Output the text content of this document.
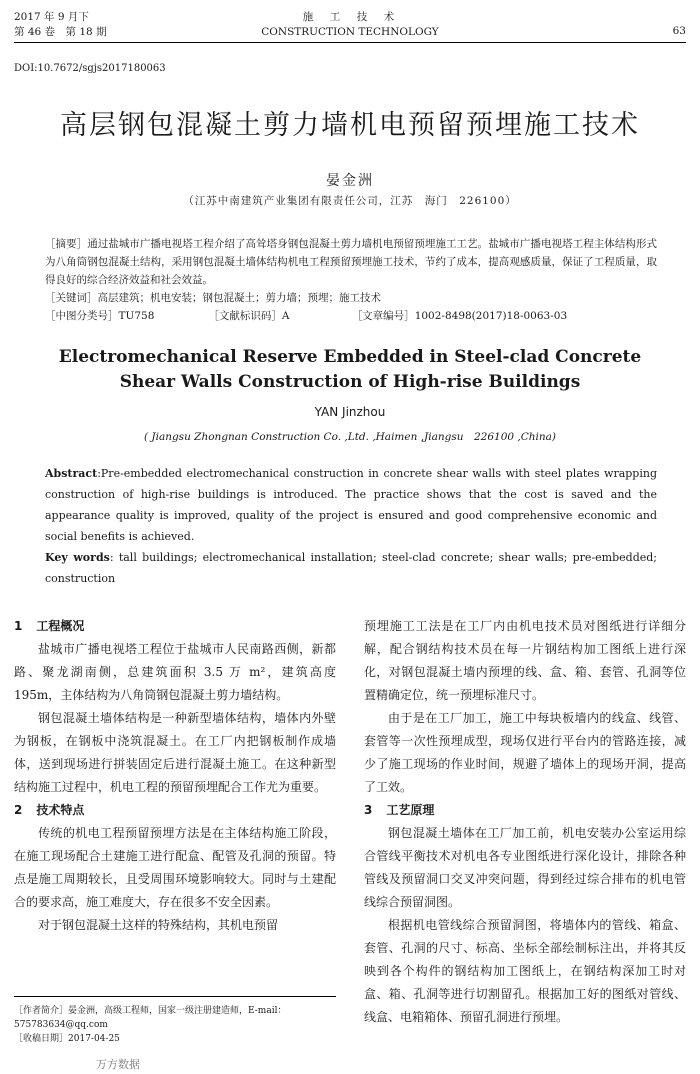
2017 年 9 月下
第 46 卷　第 18 期
施　工　技　术
CONSTRUCTION TECHNOLOGY	63
DOI:10.7672/sgjs2017180063
高层钢包混凝土剪力墙机电预留预埋施工技术
晏金洲
（江苏中南建筑产业集团有限责任公司，江苏　海门　226100）

［摘要］通过盐城市广播电视塔工程介绍了高耸塔身钢包混凝土剪力墙机电预留预埋施工工艺。盐城市广播电视塔工程主体结构形式为八角筒钢包混凝土结构，采用钢包混凝土墙体结构机电工程预留预埋施工技术，节约了成本，提高观感质量，保证了工程质量，取得良好的综合经济效益和社会效益。

［关键词］高层建筑；机电安装；钢包混凝土；剪力墙；预埋；施工技术

［中图分类号］TU758	［文献标识码］A	［文章编号］1002-8498(2017)18-0063-03

Electromechanical Reserve Embedded in Steel-clad Concrete
Shear Walls Construction of High-rise Buildings
YAN Jinzhou
( Jiangsu Zhongnan Construction Co. ,Ltd. ,Haimen ,Jiangsu　226100 ,China)

Abstract:Pre-embedded electromechanical construction in concrete shear walls with steel plates wrapping construction of high-rise buildings is introduced. The practice shows that the cost is saved and the appearance quality is improved, quality of the project is ensured and good comprehensive economic and social benefits is achieved.

Key words: tall buildings; electromechanical installation; steel-clad concrete; shear walls; pre-embedded; construction

1 工程概况

盐城市广播电视塔工程位于盐城市人民南路西侧，新都路、聚龙湖南侧，总建筑面积 3.5 万 m²，建筑高度 195m，主体结构为八角筒钢包混凝土剪力墙结构。

钢包混凝土墙体结构是一种新型墙体结构，墙体内外壁为钢板，在钢板中浇筑混凝土。在工厂内把钢板制作成墙体，送到现场进行拼装固定后进行混凝土施工。在这种新型结构施工过程中，机电工程的预留预埋配合工作尤为重要。

2 技术特点

传统的机电工程预留预埋方法是在主体结构施工阶段，在施工现场配合土建施工进行配盒、配管及孔洞的预留。特点是施工周期较长，且受周围环境影响较大。同时与土建配合的要求高，施工难度大，存在很多不安全因素。

对于钢包混凝土这样的特殊结构，其机电预留

预埋施工工法是在工厂内由机电技术员对图纸进行详细分解，配合钢结构技术员在每一片钢结构加工图纸上进行深化，对钢包混凝土墙内预埋的线、盒、箱、套管、孔洞等位置精确定位，统一预埋标准尺寸。

由于是在工厂加工，施工中每块板墙内的线盒、线管、套管等一次性预埋成型，现场仅进行平台内的管路连接，减少了施工现场的作业时间，规避了墙体上的现场开洞，提高了工效。

3 工艺原理

钢包混凝土墙体在工厂加工前，机电安装办公室运用综合管线平衡技术对机电各专业图纸进行深化设计，排除各种管线及预留洞口交叉冲突问题，得到经过综合排布的机电管线综合预留洞图。

根据机电管线综合预留洞图，将墙体内的管线、箱盒、套管、孔洞的尺寸、标高、坐标全部绘制标注出，并将其反映到各个构件的钢结构加工图纸上，在钢结构深加工时对盒、箱、孔洞等进行切割留孔。根据加工好的图纸对管线、线盒、电箱箱体、预留孔洞进行预埋。

［作者简介］晏金洲，高级工程师，国家一级注册建造师，E-mail：575783634@qq.com

［收稿日期］2017-04-25

万方数据
